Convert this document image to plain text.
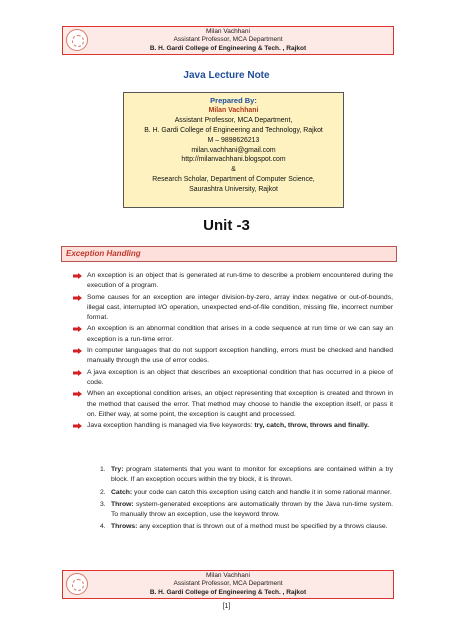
Milan Vachhani
Assistant Professor, MCA Department
B. H. Gardi College of Engineering & Tech. , Rajkot
Java Lecture Note
Prepared By:
Milan Vachhani
Assistant Professor, MCA Department,
B. H. Gardi College of Engineering and Technology, Rajkot
M – 9898626213
milan.vachhani@gmail.com
http://milanvachhani.blogspot.com
&
Research Scholar, Department of Computer Science,
Saurashtra University, Rajkot
Unit -3
Exception Handling
An exception is an object that is generated at run-time to describe a problem encountered during the execution of a program.
Some causes for an exception are integer division-by-zero, array index negative or out-of-bounds, illegal cast, interrupted I/O operation, unexpected end-of-file condition, missing file, incorrect number format.
An exception is an abnormal condition that arises in a code sequence at run time or we can say an exception is a run-time error.
In computer languages that do not support exception handling, errors must be checked and handled manually through the use of error codes.
A java exception is an object that describes an exceptional condition that has occurred in a piece of code.
When an exceptional condition arises, an object representing that exception is created and thrown in the method that caused the error. That method may choose to handle the exception itself, or pass it on. Either way, at some point, the exception is caught and processed.
Java exception handling is managed via five keywords: try, catch, throw, throws and finally.
1. Try: program statements that you want to monitor for exceptions are contained within a try block. If an exception occurs within the try block, it is thrown.
2. Catch: your code can catch this exception using catch and handle it in some rational manner.
3. Throw: system-generated exceptions are automatically thrown by the Java run-time system. To manually throw an exception, use the keyword throw.
4. Throws: any exception that is thrown out of a method must be specified by a throws clause.
Milan Vachhani
Assistant Professor, MCA Department
B. H. Gardi College of Engineering & Tech. , Rajkot
[1]
